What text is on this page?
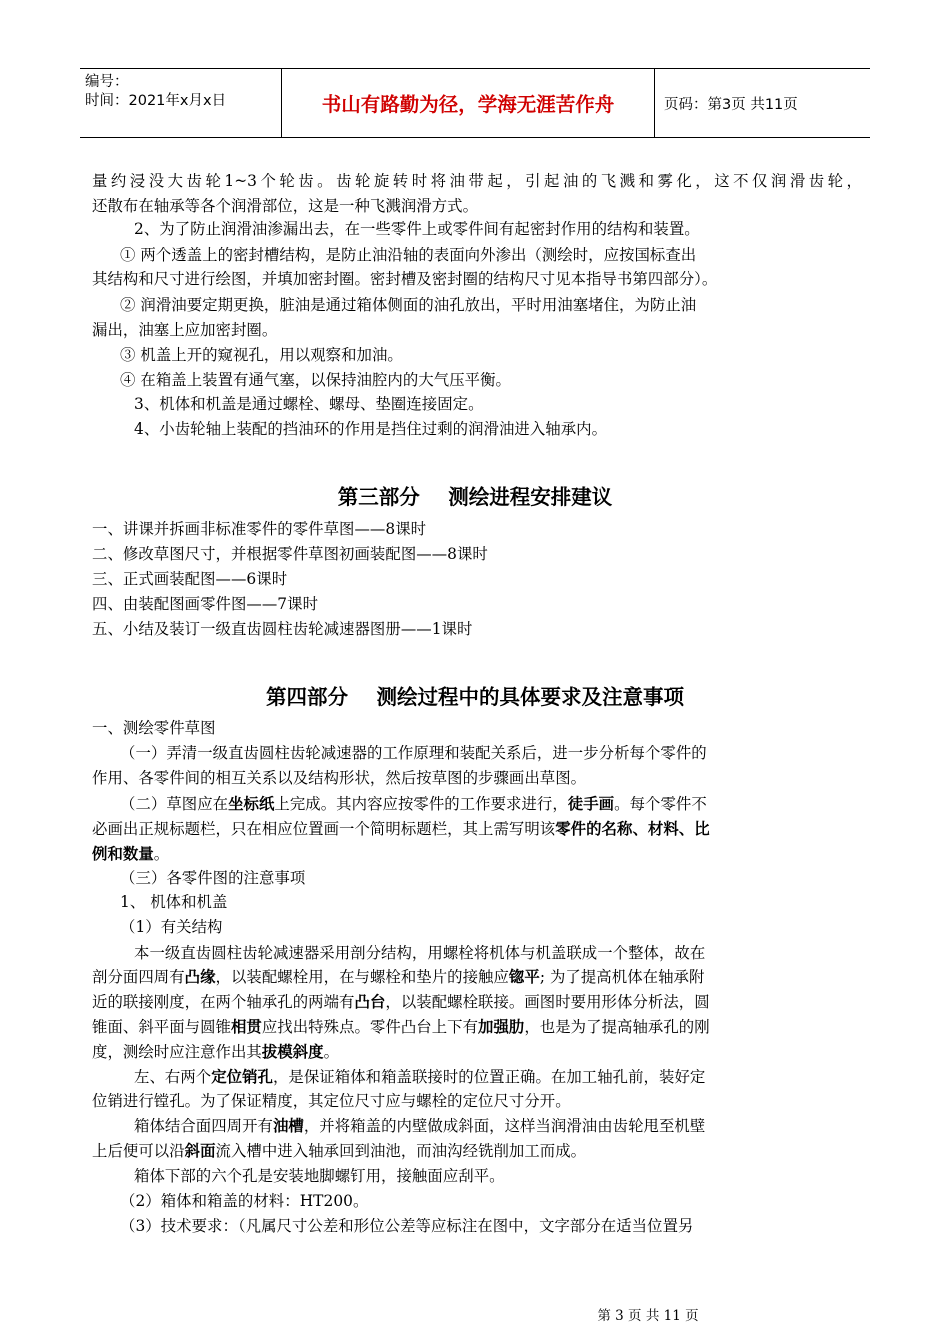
编号：
时间：2021年x月x日	书山有路勤为径，学海无涯苦作舟	页码：第3页 共11页
量约浸没大齿轮1~3个轮齿。齿轮旋转时将油带起，引起油的飞溅和雾化，这不仅润滑齿轮，
还散布在轴承等各个润滑部位，这是一种飞溅润滑方式。
2、为了防止润滑油渗漏出去，在一些零件上或零件间有起密封作用的结构和装置。
① 两个透盖上的密封槽结构，是防止油沿轴的表面向外渗出（测绘时，应按国标查出
其结构和尺寸进行绘图，并填加密封圈。密封槽及密封圈的结构尺寸见本指导书第四部分）。
② 润滑油要定期更换，脏油是通过箱体侧面的油孔放出，平时用油塞堵住，为防止油
漏出，油塞上应加密封圈。
③ 机盖上开的窥视孔，用以观察和加油。
④ 在箱盖上装置有通气塞，以保持油腔内的大气压平衡。
3、机体和机盖是通过螺栓、螺母、垫圈连接固定。
4、小齿轮轴上装配的挡油环的作用是挡住过剩的润滑油进入轴承内。
第三部分    测绘进程安排建议
一、讲课并拆画非标准零件的零件草图——8课时
二、修改草图尺寸，并根据零件草图初画装配图——8课时
三、正式画装配图——6课时
四、由装配图画零件图——7课时
五、小结及装订一级直齿圆柱齿轮减速器图册——1课时
第四部分    测绘过程中的具体要求及注意事项
一、测绘零件草图
（一）弄清一级直齿圆柱齿轮减速器的工作原理和装配关系后，进一步分析每个零件的
作用、各零件间的相互关系以及结构形状，然后按草图的步骤画出草图。
（二）草图应在坐标纸上完成。其内容应按零件的工作要求进行，徒手画。每个零件不
必画出正规标题栏，只在相应位置画一个简明标题栏，其上需写明该零件的名称、材料、比
例和数量。
（三）各零件图的注意事项
1、 机体和机盖
（1）有关结构
本一级直齿圆柱齿轮减速器采用剖分结构，用螺栓将机体与机盖联成一个整体，故在
剖分面四周有凸缘，以装配螺栓用，在与螺栓和垫片的接触应锪平; 为了提高机体在轴承附
近的联接刚度，在两个轴承孔的两端有凸台，以装配螺栓联接。画图时要用形体分析法，圆
锥面、斜平面与圆锥相贯应找出特殊点。零件凸台上下有加强肋，也是为了提高轴承孔的刚
度，测绘时应注意作出其拔模斜度。
左、右两个定位销孔，是保证箱体和箱盖联接时的位置正确。在加工轴孔前，装好定
位销进行镗孔。为了保证精度，其定位尺寸应与螺栓的定位尺寸分开。
箱体结合面四周开有油槽，并将箱盖的内壁做成斜面，这样当润滑油由齿轮甩至机壁
上后便可以沿斜面流入槽中进入轴承回到油池，而油沟经铣削加工而成。
箱体下部的六个孔是安装地脚螺钉用，接触面应刮平。
（2）箱体和箱盖的材料：HT200。
（3）技术要求：（凡属尺寸公差和形位公差等应标注在图中，文字部分在适当位置另
第 3 页 共 11 页
